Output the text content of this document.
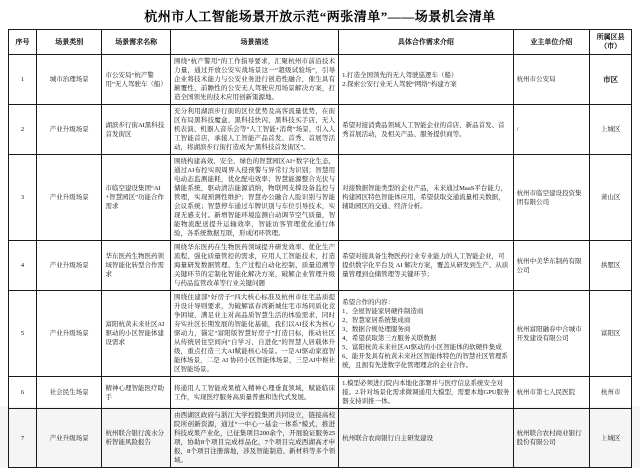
杭州市人工智能场景开放示范“两张清单”——场景机会清单
序号	场景类别	场景需求名称	场景描述	具体合作需求介绍	业主单位介绍	所属区县（市）
1	城市治理场景	市公安局“杭产警用”无人驾驶车（船）	围绕“杭产警用”的工作指导要求，汇聚杭州市前沿技术力量，通过开放公安实战场景这一“超级试验场”，引导企业将技术能力与公安业务进行创造性融合，催生具有颠覆性、前瞻性的公安无人驾驶应用场景解决方案，打造全国领先的技术应用创新策源地。	1.打造全国领先的无人驾驶巡逻车（船）
2.探索公安行业无人驾驶“网络”构建方案	杭州市公安局	市区
2	产业升级场景	湖滨步行街AI黑科技首发街区	充分利用湖滨步行街的区位优势及高客流量优势，在街区布局黑科技魔盒、黑科技快闪、黑科技买手店、无人机表演、机器人音乐会等“人工智能+消费”场景，引入人工智能首店，承接人工智能产品首发、首秀、首展等活动，将湖滨步行街打造成为“黑科技首发街区”。	希望对接消费品领域人工智能企业的首店、新品首发、首秀首展活动，及相关产品、服务提供商等。	/	上城区
3	产业升级场景	市临空建设集团“AI+智慧园区”功能合作需求	围绕构建高效、安全、绿色的智慧园区AI+数字化生态，通过AI布控实现周界入侵预警与异常行为识别；智慧用电动态监测能耗，优化配电效率；智慧能源整合光伏与储能系统，驱动清洁能源消纳，物联网支撑设备监控与管理，实现预测性维护；智慧办公融合人脸识别与智能会议系统；智慧停车通过车牌识别与车位引导技术，实现无感支付。新增智能环境监测自动调节空气质量，智能物流配送提升运输效率，智能访客管理优化通行体验，各系统数据互联，形成闭环管理。	对接数据智能类型的企业产品，未来通过MaaS平台能力，构建园区特色智能体应用，希望获取交通流量相关数据，辅助园区的交通、经济分析。	杭州市临空建设投资集团有限公司	萧山区
4	产业升级场景	华东医药生物医药领域智能化转型合作需求	围绕华东医药在生物医药领域提升研发效率、优化生产流程、强化质量管控的需求，应用人工智能技术，打造海量研发数据管理、生产过程自动化控制、质量追溯等关键环节的定制化智能化解决方案，破解企业管理升级与药品监管改革等行业关键问题	希望对接具备生物医药行业专业能力的人工智能企业，可提供数字化平台及 AI 解决方案，覆盖从研发到生产、从质量管理到仓储管理等关键环节；	杭州中美华东制药有限公司	拱墅区
5	产业升级场景	富阳杭黄未来社区AI驱动的小区智能体建设需求	围绕住建部“好房子”四大核心标准及杭州市住宅品质提升设计导则要求，为破解富春湾新城住宅市场同质化竞争困境、满足业主对高品质智慧生活的体验需求，同时夯实社区长期发展的智能化基础，我们以AI技术为核心驱动力，锚定“富阳版智慧好房子”打造目标，推动社区从传统居住空间向“自学习、自进化”的智慧人居载体升级，重点打造三大AI赋能核心场景。一是AI驱动家庭智能体场景，二是 AI 协同小区智能体场景，三是AI中枢社区智能场景。	希望合作的内容：
1、全屋智能家居硬件制造商
2、智慧家居系统集成商
3、数据合规处理服务商
4、希望获取第三方服务关联数据
5、富阳杭黄未来社区AI驱动的小区智能体的软硬件集成
6、能开发具有杭黄未来社区智能体特色的智慧社区管理系统，且拥有先进数字化管理理念的企业合作。	杭州富阳融春中合城市开发建设有限公司	富阳区
6	社会民生场景	精神心理智能医疗助手	将通用人工智能成果植入精神心理垂直领域，赋能临床工作，实现医疗服务高质量普惠和迭代式发展。	1.模型必须进行院内本地化部署并与医疗信息系统安全对接。2.针对场景化需求微调通用大模型，需要本地GPU服务器支持训推一体。	杭州市第七人民医院	杭州市
7	产业升级场景	杭州联合银行流水分析智能风险报告	由西湖区政府与浙江大学控股集团共同设立，链接高校院所创新资源，通过“一中心一基金一体系”模式，推进科技成果产业化，已征集项目200余个，开展验证服务25项，协助8个项目完成样品化，7个项目完成西湖高才申报，8个项目注册落地，涉及智能制造、新材料等多个领域。	杭州联合农商银行自主研发建设	杭州联合农村商业银行股份有限公司	上城区
